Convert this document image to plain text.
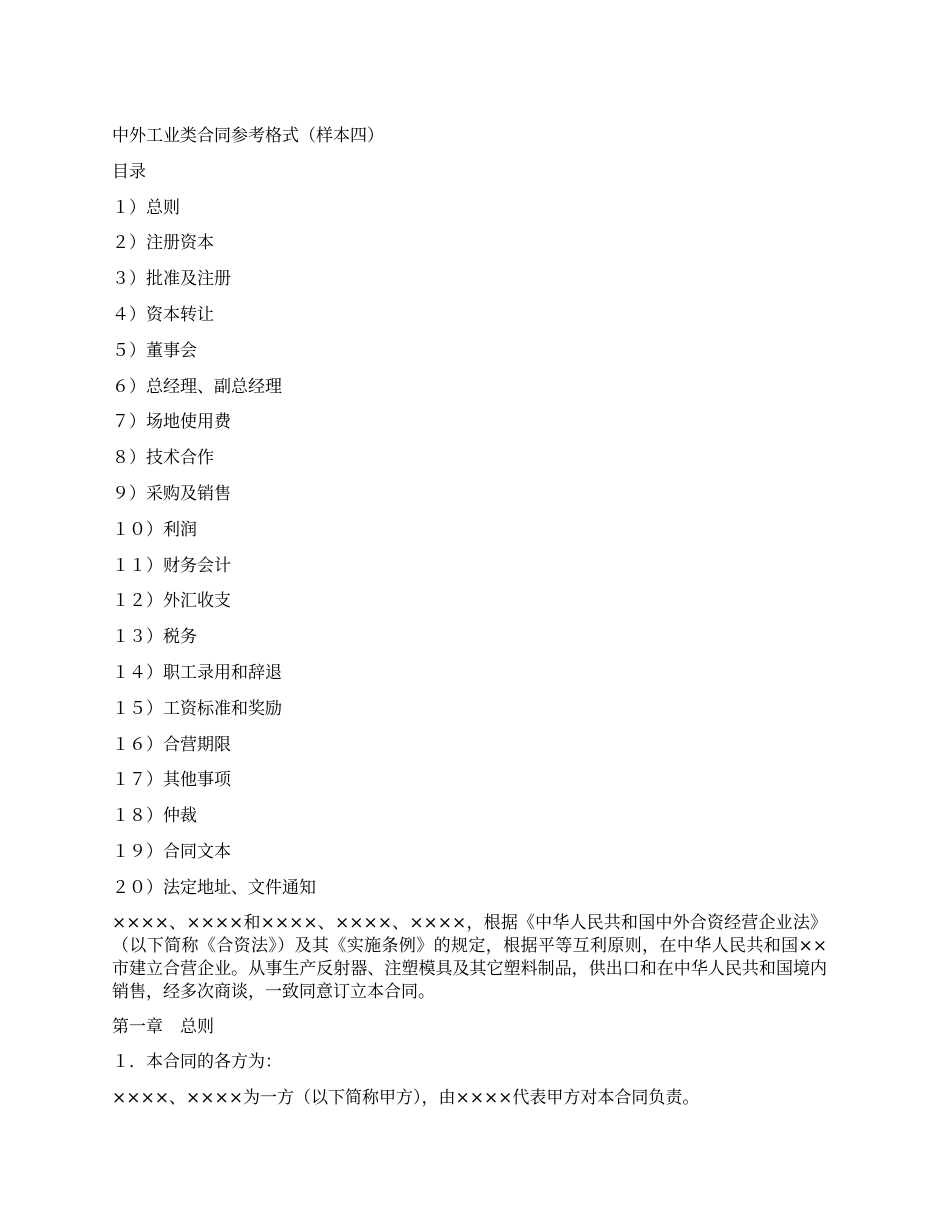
中外工业类合同参考格式（样本四）
目录
１）总则
２）注册资本
３）批准及注册
４）资本转让
５）董事会
６）总经理、副总经理
７）场地使用费
８）技术合作
９）采购及销售
１０）利润
１１）财务会计
１２）外汇收支
１３）税务
１４）职工录用和辞退
１５）工资标准和奖励
１６）合营期限
１７）其他事项
１８）仲裁
１９）合同文本
２０）法定地址、文件通知
××××、××××和××××、××××、××××，根据《中华人民共和国中外合资经营企业法》（以下简称《合资法》）及其《实施条例》的规定，根据平等互利原则，在中华人民共和国××市建立合营企业。从事生产反射器、注塑模具及其它塑料制品，供出口和在中华人民共和国境内销售，经多次商谈，一致同意订立本合同。
第一章　总则
１．本合同的各方为：
××××、××××为一方（以下简称甲方），由××××代表甲方对本合同负责。
